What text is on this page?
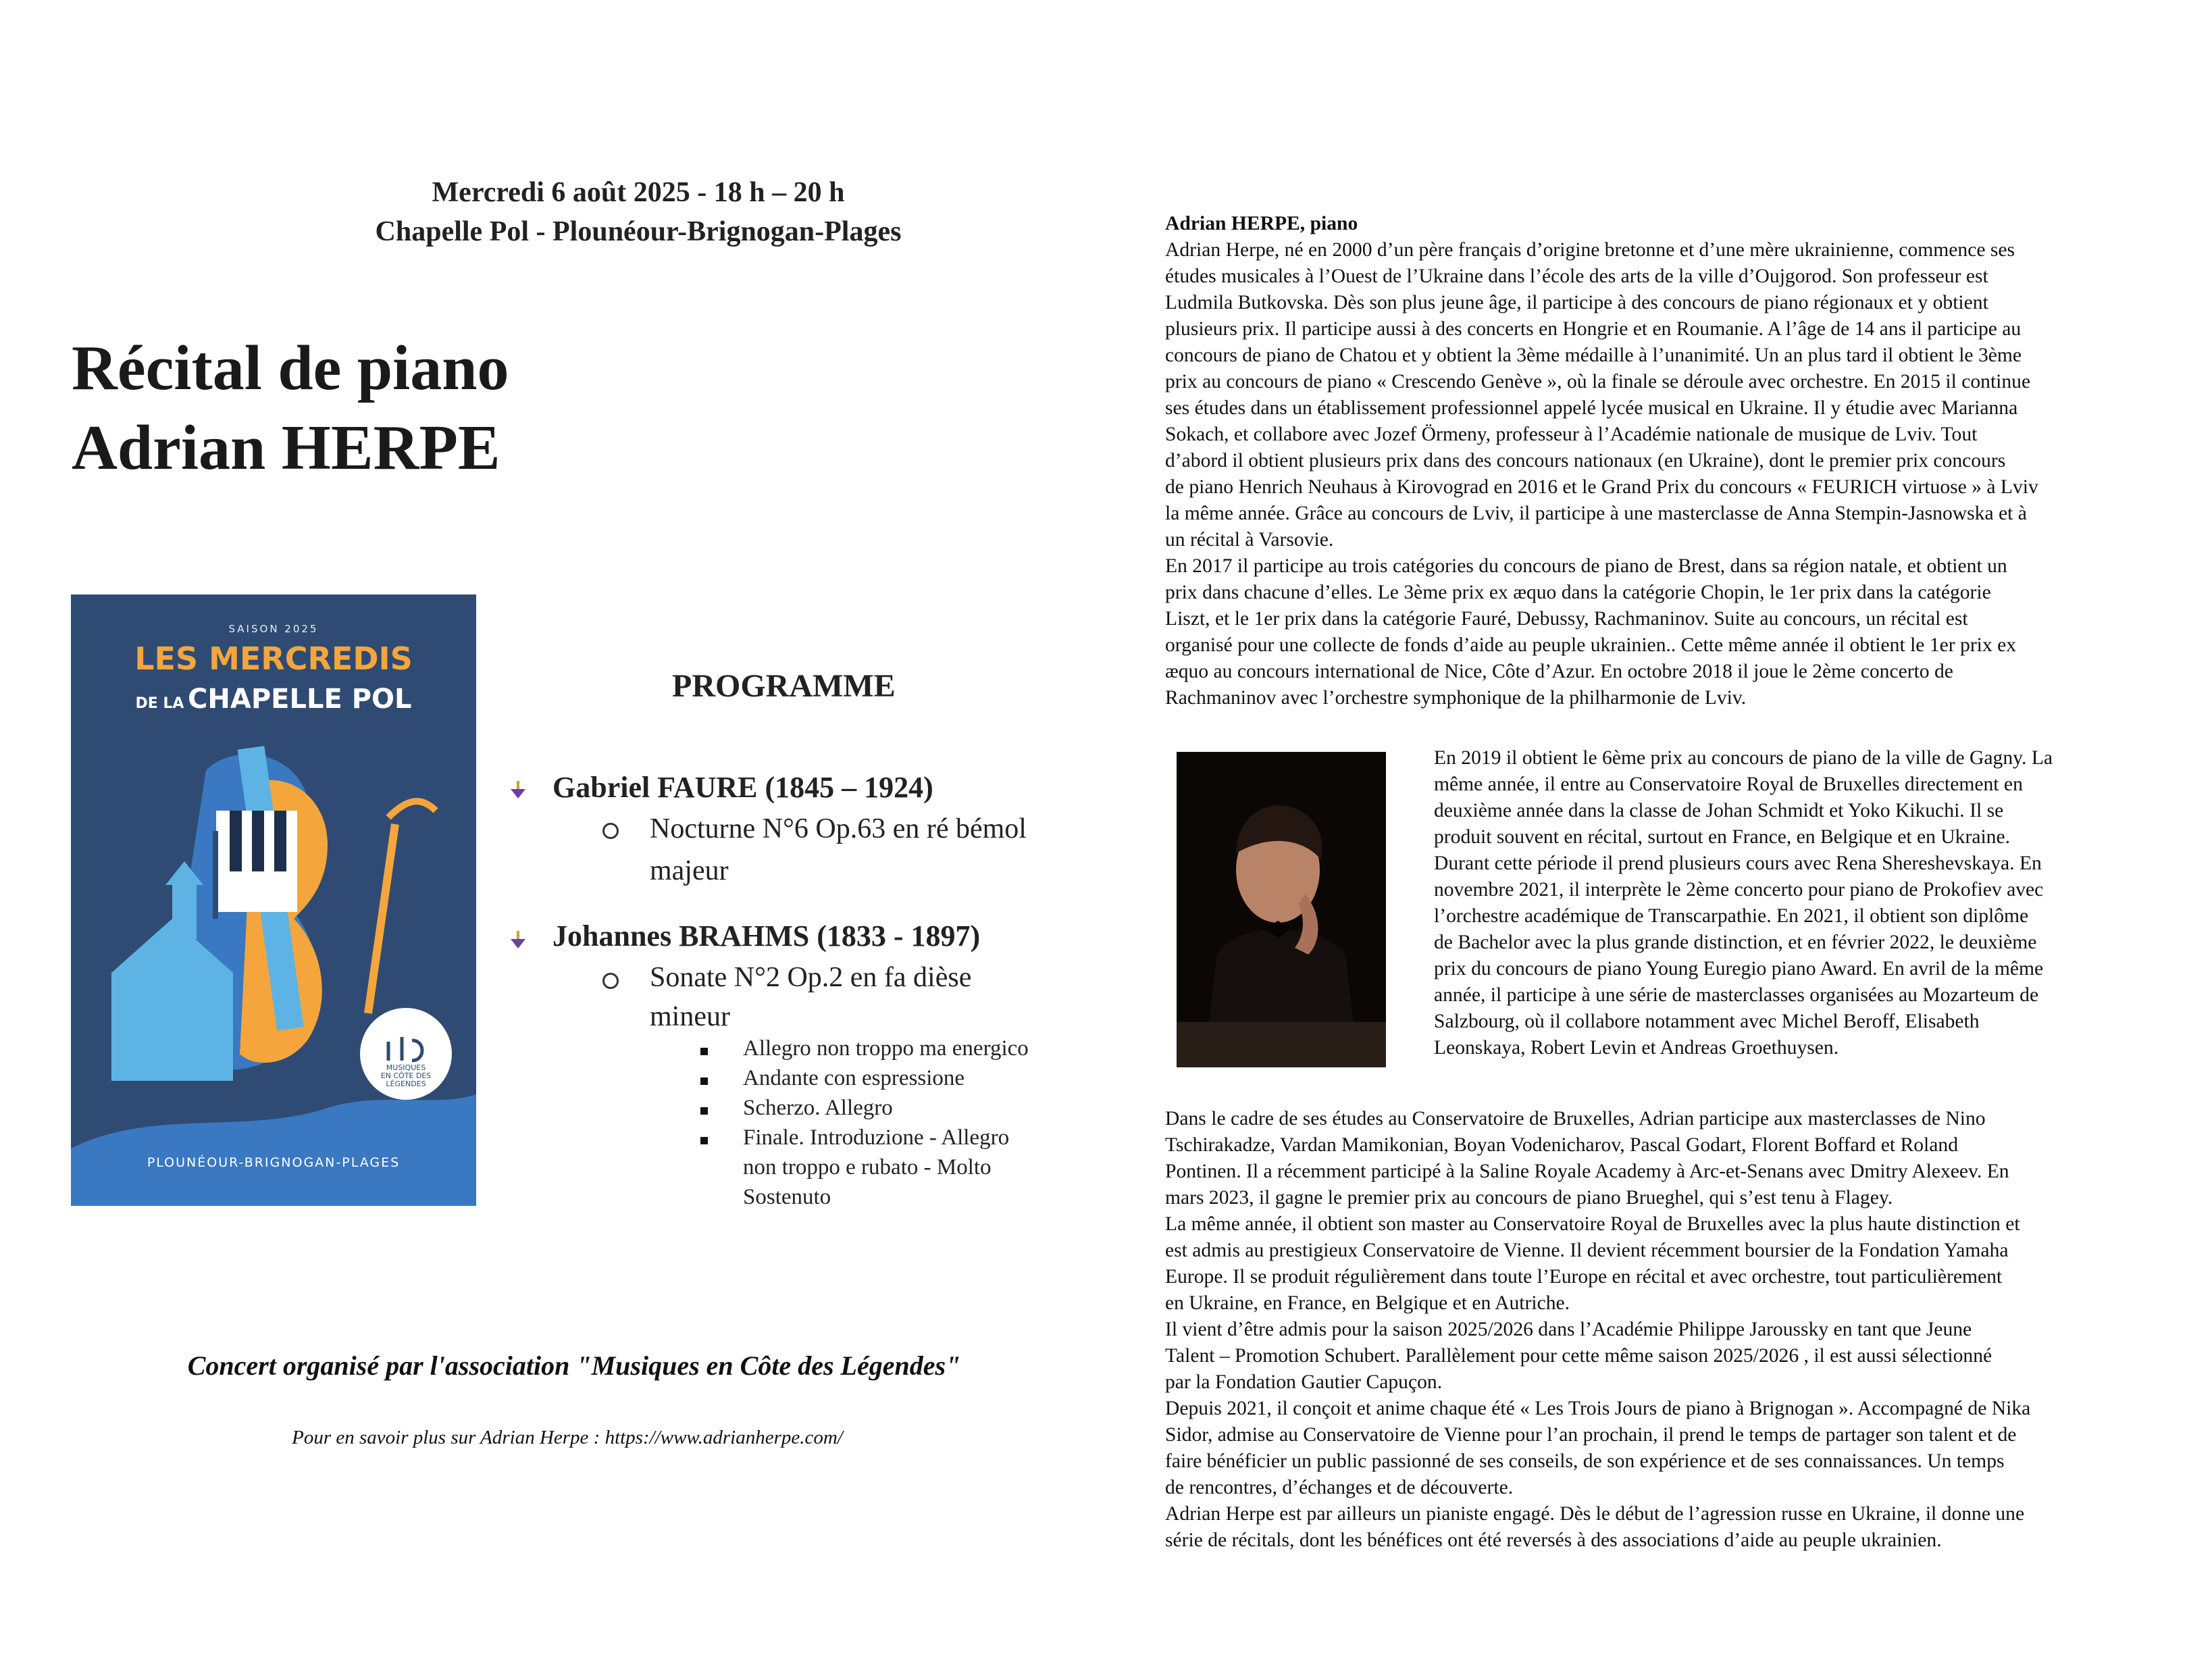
Mercredi 6 août 2025 - 18 h – 20 h
Chapelle Pol - Plounéour-Brignogan-Plages
Récital de piano
Adrian HERPE
SAISON 2025
LES MERCREDIS
DE LA CHAPELLE POL
MUSIQUES
EN CÔTE DES
LÉGENDES
PLOUNÉOUR-BRIGNOGAN-PLAGES
PROGRAMME
Gabriel FAURE (1845 – 1924)
Nocturne N°6 Op.63 en ré bémol
majeur
Johannes BRAHMS (1833 - 1897)
Sonate N°2 Op.2 en fa dièse
mineur
Allegro non troppo ma energico
Andante con espressione
Scherzo. Allegro
Finale. Introduzione - Allegro
non troppo e rubato - Molto
Sostenuto
Concert organisé par l'association "Musiques en Côte des Légendes"
Pour en savoir plus sur Adrian Herpe : https://www.adrianherpe.com/

Adrian HERPE, piano

Adrian Herpe, né en 2000 d’un père français d’origine bretonne et d’une mère ukrainienne, commence ses

études musicales à l’Ouest de l’Ukraine dans l’école des arts de la ville d’Oujgorod. Son professeur est

Ludmila Butkovska. Dès son plus jeune âge, il participe à des concours de piano régionaux et y obtient

plusieurs prix. Il participe aussi à des concerts en Hongrie et en Roumanie. A l’âge de 14 ans il participe au

concours de piano de Chatou et y obtient la 3ème médaille à l’unanimité. Un an plus tard il obtient le 3ème

prix au concours de piano « Crescendo Genève », où la finale se déroule avec orchestre. En 2015 il continue

ses études dans un établissement professionnel appelé lycée musical en Ukraine. Il y étudie avec Marianna

Sokach, et collabore avec Jozef Örmeny, professeur à l’Académie nationale de musique de Lviv. Tout

d’abord il obtient plusieurs prix dans des concours nationaux (en Ukraine), dont le premier prix concours

de piano Henrich Neuhaus à Kirovograd en 2016 et le Grand Prix du concours « FEURICH virtuose » à Lviv

la même année. Grâce au concours de Lviv, il participe à une masterclasse de Anna Stempin-Jasnowska et à

un récital à Varsovie.

En 2017 il participe au trois catégories du concours de piano de Brest, dans sa région natale, et obtient un

prix dans chacune d’elles. Le 3ème prix ex æquo dans la catégorie Chopin, le 1er prix dans la catégorie

Liszt, et le 1er prix dans la catégorie Fauré, Debussy, Rachmaninov. Suite au concours, un récital est

organisé pour une collecte de fonds d’aide au peuple ukrainien.. Cette même année il obtient le 1er prix ex

æquo au concours international de Nice, Côte d’Azur. En octobre 2018 il joue le 2ème concerto de

Rachmaninov avec l’orchestre symphonique de la philharmonie de Lviv.

En 2019 il obtient le 6ème prix au concours de piano de la ville de Gagny. La

même année, il entre au Conservatoire Royal de Bruxelles directement en

deuxième année dans la classe de Johan Schmidt et Yoko Kikuchi. Il se

produit souvent en récital, surtout en France, en Belgique et en Ukraine.

Durant cette période il prend plusieurs cours avec Rena Shereshevskaya. En

novembre 2021, il interprète le 2ème concerto pour piano de Prokofiev avec

l’orchestre académique de Transcarpathie. En 2021, il obtient son diplôme

de Bachelor avec la plus grande distinction, et en février 2022, le deuxième

prix du concours de piano Young Euregio piano Award. En avril de la même

année, il participe à une série de masterclasses organisées au Mozarteum de

Salzbourg, où il collabore notamment avec Michel Beroff, Elisabeth

Leonskaya, Robert Levin et Andreas Groethuysen.

Dans le cadre de ses études au Conservatoire de Bruxelles, Adrian participe aux masterclasses de Nino

Tschirakadze, Vardan Mamikonian, Boyan Vodenicharov, Pascal Godart, Florent Boffard et Roland

Pontinen. Il a récemment participé à la Saline Royale Academy à Arc-et-Senans avec Dmitry Alexeev. En

mars 2023, il gagne le premier prix au concours de piano Brueghel, qui s’est tenu à Flagey.

La même année, il obtient son master au Conservatoire Royal de Bruxelles avec la plus haute distinction et

est admis au prestigieux Conservatoire de Vienne. Il devient récemment boursier de la Fondation Yamaha

Europe. Il se produit régulièrement dans toute l’Europe en récital et avec orchestre, tout particulièrement

en Ukraine, en France, en Belgique et en Autriche.

Il vient d’être admis pour la saison 2025/2026 dans l’Académie Philippe Jaroussky en tant que Jeune

Talent – Promotion Schubert. Parallèlement pour cette même saison 2025/2026 , il est aussi sélectionné

par la Fondation Gautier Capuçon.

Depuis 2021, il conçoit et anime chaque été « Les Trois Jours de piano à Brignogan ». Accompagné de Nika

Sidor, admise au Conservatoire de Vienne pour l’an prochain, il prend le temps de partager son talent et de

faire bénéficier un public passionné de ses conseils, de son expérience et de ses connaissances. Un temps

de rencontres, d’échanges et de découverte.

Adrian Herpe est par ailleurs un pianiste engagé. Dès le début de l’agression russe en Ukraine, il donne une

série de récitals, dont les bénéfices ont été reversés à des associations d’aide au peuple ukrainien.
